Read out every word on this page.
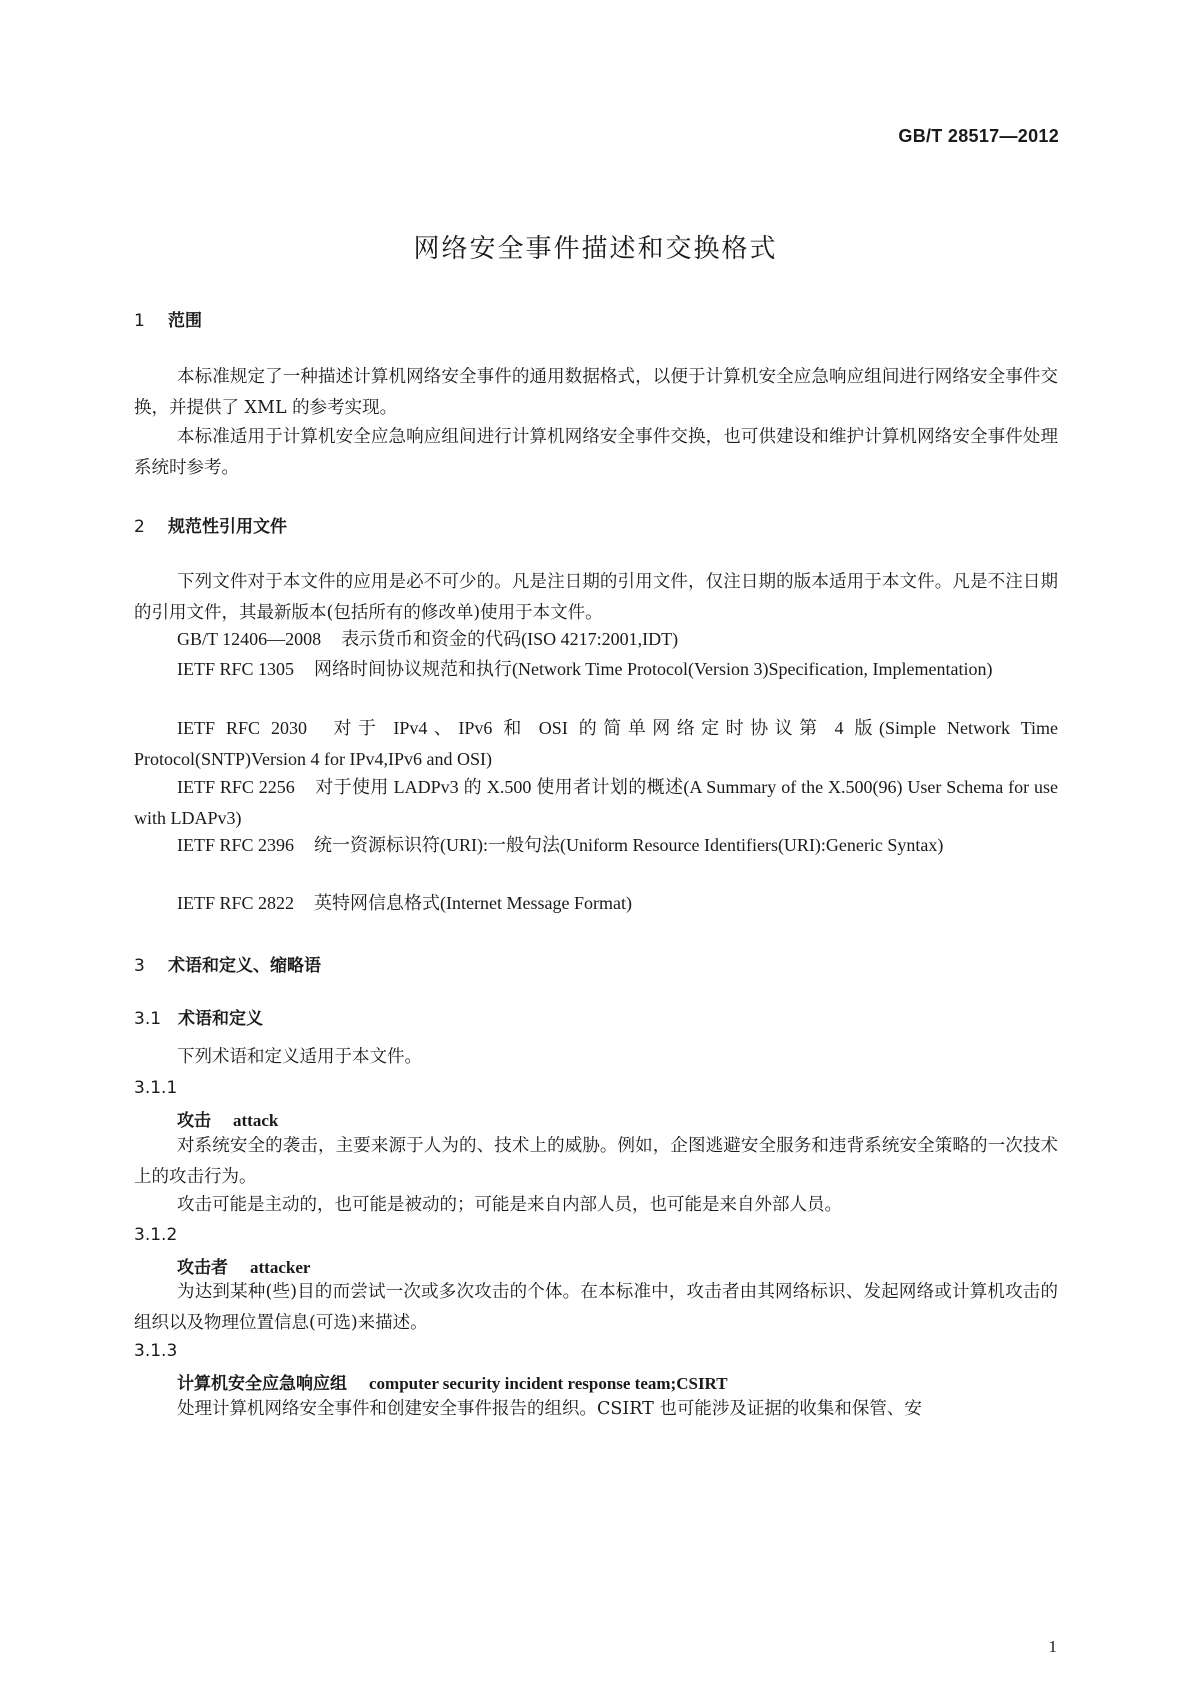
GB/T 28517—2012
网络安全事件描述和交换格式
1 范围

本标准规定了一种描述计算机网络安全事件的通用数据格式，以便于计算机安全应急响应组间进行网络安全事件交换，并提供了 XML 的参考实现。

本标准适用于计算机安全应急响应组间进行计算机网络安全事件交换，也可供建设和维护计算机网络安全事件处理系统时参考。

2 规范性引用文件

下列文件对于本文件的应用是必不可少的。凡是注日期的引用文件，仅注日期的版本适用于本文件。凡是不注日期的引用文件，其最新版本(包括所有的修改单)使用于本文件。

GB/T 12406—2008 表示货币和资金的代码(ISO 4217:2001,IDT)

IETF RFC 1305 网络时间协议规范和执行(Network Time Protocol(Version 3)Specification, Implementation)

IETF RFC 2030 对于 IPv4、IPv6 和 OSI 的简单网络定时协议第 4 版(Simple Network Time Protocol(SNTP)Version 4 for IPv4,IPv6 and OSI)

IETF RFC 2256 对于使用 LADPv3 的 X.500 使用者计划的概述(A Summary of the X.500(96) User Schema for use with LDAPv3)

IETF RFC 2396 统一资源标识符(URI):一般句法(Uniform Resource Identifiers(URI):Generic Syntax)

IETF RFC 2822 英特网信息格式(Internet Message Format)

3 术语和定义、缩略语
3.1 术语和定义

下列术语和定义适用于本文件。

3.1.1
攻击 attack

对系统安全的袭击，主要来源于人为的、技术上的威胁。例如，企图逃避安全服务和违背系统安全策略的一次技术上的攻击行为。

攻击可能是主动的，也可能是被动的；可能是来自内部人员，也可能是来自外部人员。

3.1.2
攻击者 attacker

为达到某种(些)目的而尝试一次或多次攻击的个体。在本标准中，攻击者由其网络标识、发起网络或计算机攻击的组织以及物理位置信息(可选)来描述。

3.1.3
计算机安全应急响应组 computer security incident response team;CSIRT

处理计算机网络安全事件和创建安全事件报告的组织。CSIRT 也可能涉及证据的收集和保管、安

1
